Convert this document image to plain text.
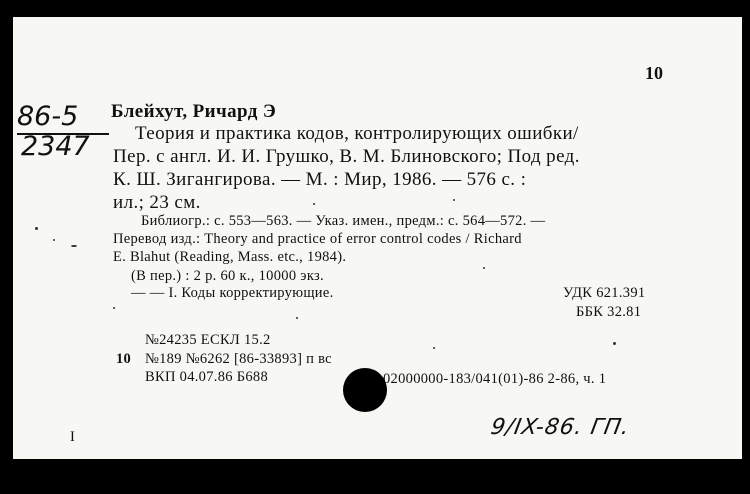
10
86-5
2347
Блейхут, Ричард Э
Теория и практика кодов, контролирующих ошибки/
Пер. с англ. И. И. Грушко, В. М. Блиновского; Под ред.
К. Ш. Зигангирова. — М. : Мир, 1986. — 576 с. :
ил.; 23 см.
Библиогр.: с. 553—563. — Указ. имен., предм.: с. 564—572. —
Перевод изд.: Theory and practice of error control codes / Richard
E. Blahut (Reading, Mass. etc., 1984).
(В пер.) : 2 р. 60 к., 10000 экз.
— — I. Коды корректирующие.	УДК 621.391
ББК 32.81
№24235 ЕСКЛ 15.2
10 №189 №6262 [86-33893] п вс
ВКП 04.07.86 Б688	02000000-183/041(01)-86 2-86, ч. 1
9/IX-86. ГП.
I
